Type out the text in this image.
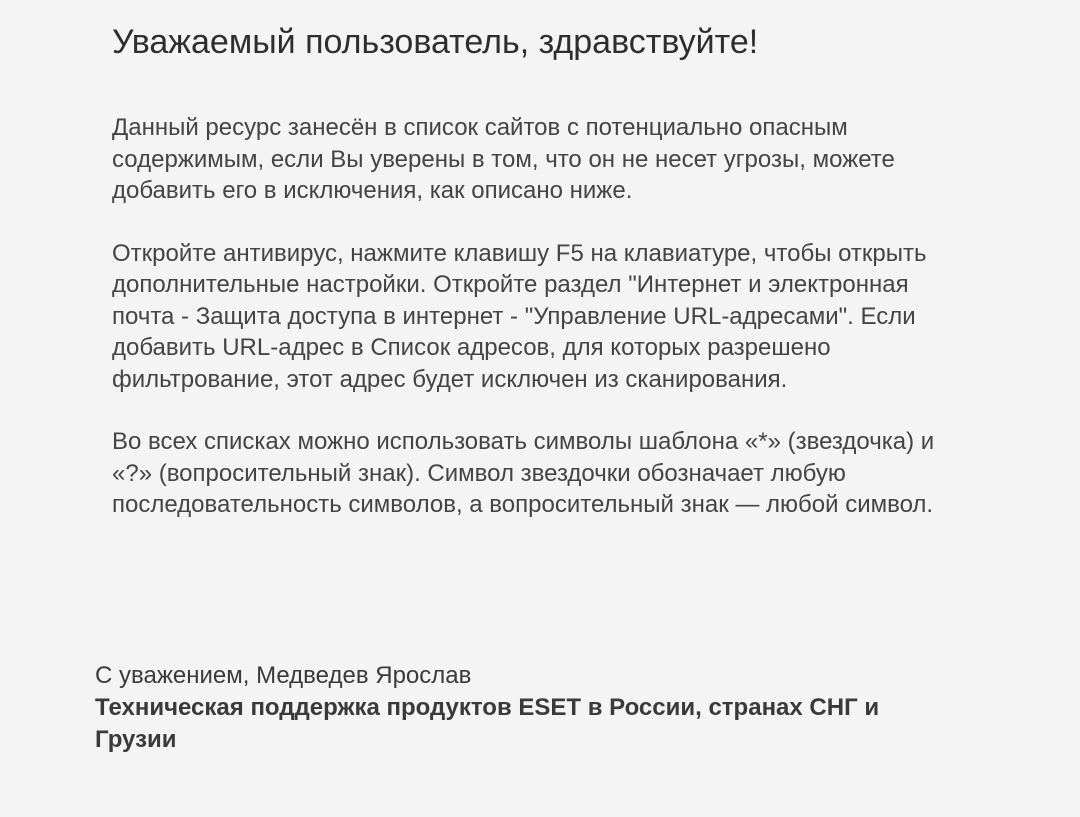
Уважаемый пользователь, здравствуйте!

Данный ресурс занесён в список сайтов с потенциально опасным содержимым, если Вы уверены в том, что он не несет угрозы, можете добавить его в исключения, как описано ниже.

Откройте антивирус, нажмите клавишу F5 на клавиатуре, чтобы открыть дополнительные настройки. Откройте раздел "Интернет и электронная почта - Защита доступа в интернет - "Управление URL-адресами". Если добавить URL-адрес в Список адресов, для которых разрешено фильтрование, этот адрес будет исключен из сканирования.

Во всех списках можно использовать символы шаблона «*» (звездочка) и «?» (вопросительный знак). Символ звездочки обозначает любую последовательность символов, а вопросительный знак — любой символ.

С уважением, Медведев Ярослав

Техническая поддержка продуктов ESET в России, странах СНГ и Грузии
